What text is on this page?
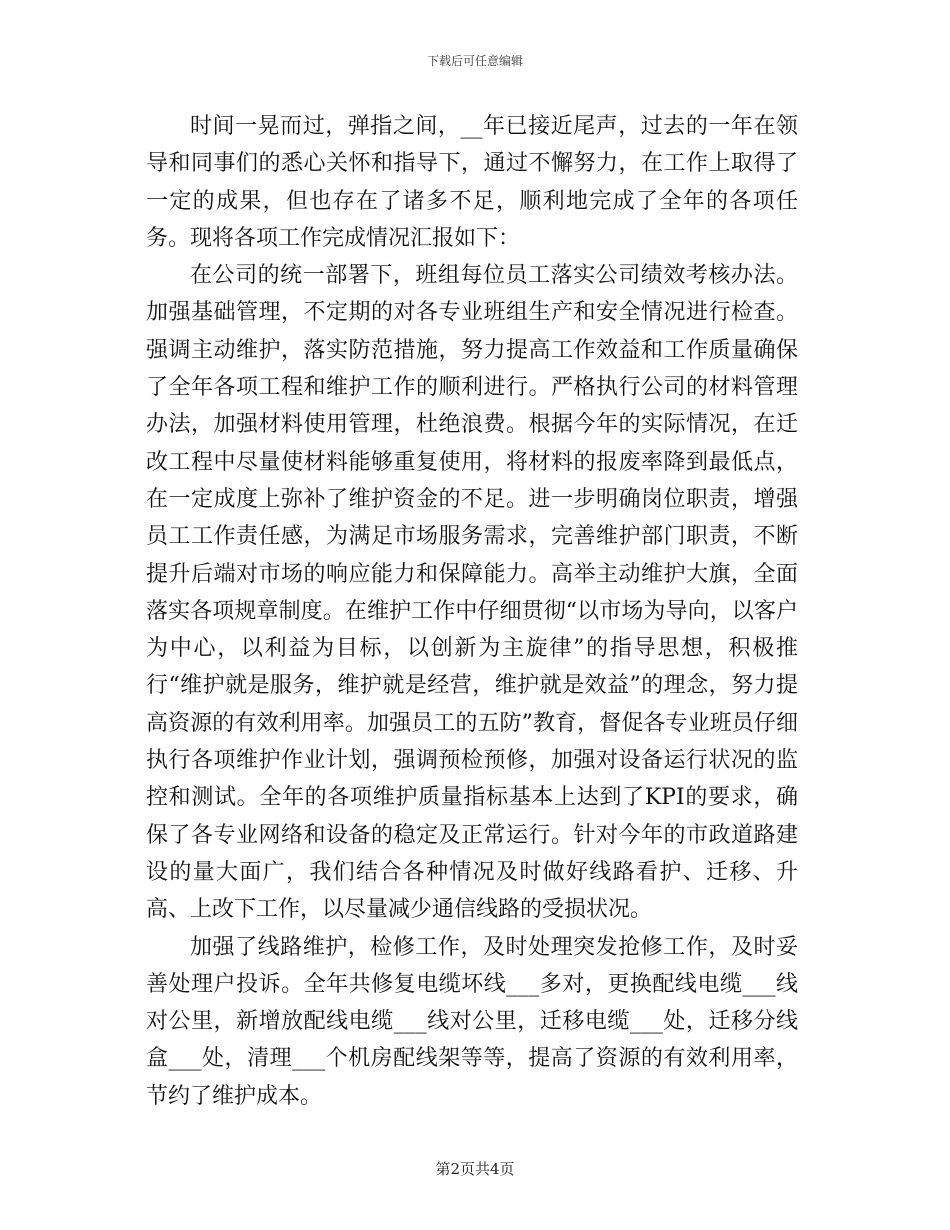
下载后可任意编辑

时间一晃而过，弹指之间，__年已接近尾声，过去的一年在领导和同事们的悉心关怀和指导下，通过不懈努力，在工作上取得了一定的成果，但也存在了诸多不足，顺利地完成了全年的各项任务。现将各项工作完成情况汇报如下：

在公司的统一部署下，班组每位员工落实公司绩效考核办法。加强基础管理，不定期的对各专业班组生产和安全情况进行检查。强调主动维护，落实防范措施，努力提高工作效益和工作质量确保了全年各项工程和维护工作的顺利进行。严格执行公司的材料管理办法，加强材料使用管理，杜绝浪费。根据今年的实际情况，在迁改工程中尽量使材料能够重复使用，将材料的报废率降到最低点，在一定成度上弥补了维护资金的不足。进一步明确岗位职责，增强员工工作责任感，为满足市场服务需求，完善维护部门职责，不断提升后端对市场的响应能力和保障能力。高举主动维护大旗，全面落实各项规章制度。在维护工作中仔细贯彻“以市场为导向，以客户为中心，以利益为目标，以创新为主旋律”的指导思想，积极推行“维护就是服务，维护就是经营，维护就是效益”的理念，努力提高资源的有效利用率。加强员工的五防”教育，督促各专业班员仔细执行各项维护作业计划，强调预检预修，加强对设备运行状况的监控和测试。全年的各项维护质量指标基本上达到了KPI的要求，确保了各专业网络和设备的稳定及正常运行。针对今年的市政道路建设的量大面广，我们结合各种情况及时做好线路看护、迁移、升高、上改下工作，以尽量减少通信线路的受损状况。

加强了线路维护，检修工作，及时处理突发抢修工作，及时妥善处理户投诉。全年共修复电缆坏线___多对，更换配线电缆___线对公里，新增放配线电缆___线对公里，迁移电缆___处，迁移分线盒___处，清理___个机房配线架等等，提高了资源的有效利用率，节约了维护成本。

第2页共4页
